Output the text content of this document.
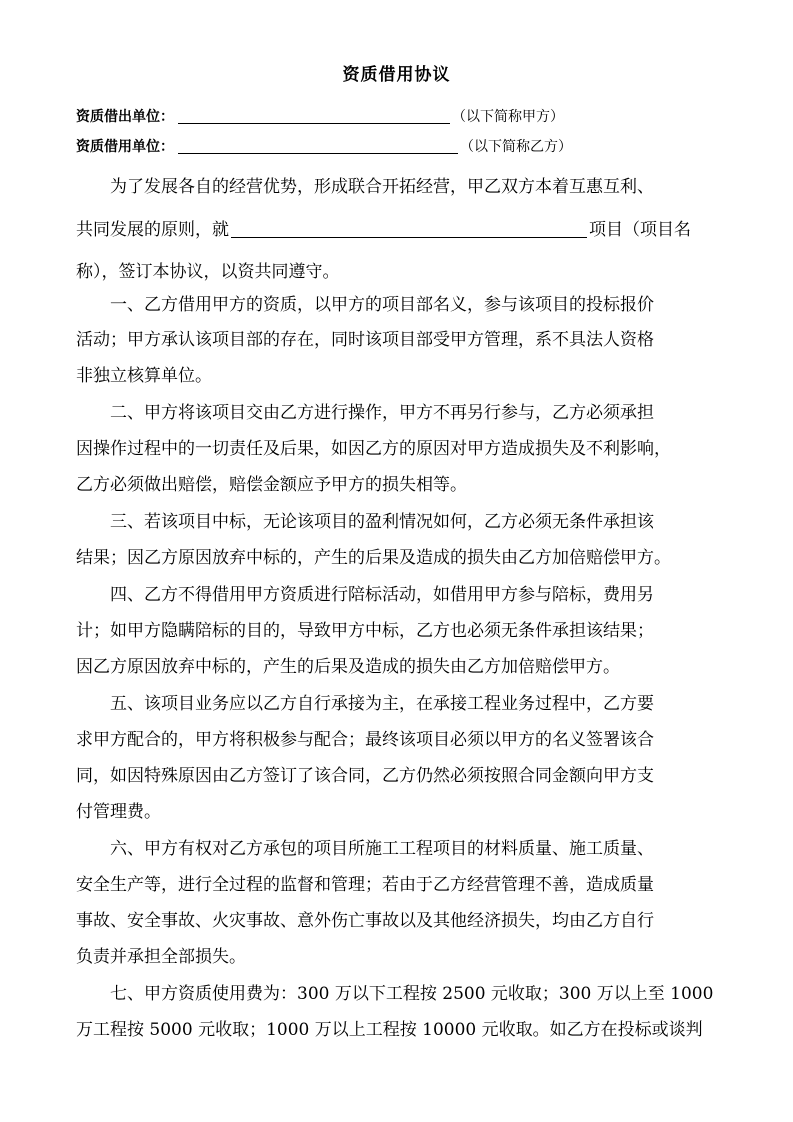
资质借用协议
资质借出单位：	（以下简称甲方）
资质借用单位：	（以下简称乙方）
为了发展各自的经营优势，形成联合开拓经营，甲乙双方本着互惠互利、
共同发展的原则，就	项目（项目名
称），签订本协议，以资共同遵守。
一、乙方借用甲方的资质，以甲方的项目部名义，参与该项目的投标报价
活动；甲方承认该项目部的存在，同时该项目部受甲方管理，系不具法人资格
非独立核算单位。
二、甲方将该项目交由乙方进行操作，甲方不再另行参与，乙方必须承担
因操作过程中的一切责任及后果，如因乙方的原因对甲方造成损失及不利影响，
乙方必须做出赔偿，赔偿金额应予甲方的损失相等。
三、若该项目中标，无论该项目的盈利情况如何，乙方必须无条件承担该
结果；因乙方原因放弃中标的，产生的后果及造成的损失由乙方加倍赔偿甲方。
四、乙方不得借用甲方资质进行陪标活动，如借用甲方参与陪标，费用另
计；如甲方隐瞒陪标的目的，导致甲方中标，乙方也必须无条件承担该结果；
因乙方原因放弃中标的，产生的后果及造成的损失由乙方加倍赔偿甲方。
五、该项目业务应以乙方自行承接为主，在承接工程业务过程中，乙方要
求甲方配合的，甲方将积极参与配合；最终该项目必须以甲方的名义签署该合
同，如因特殊原因由乙方签订了该合同，乙方仍然必须按照合同金额向甲方支
付管理费。
六、甲方有权对乙方承包的项目所施工工程项目的材料质量、施工质量、
安全生产等，进行全过程的监督和管理；若由于乙方经营管理不善，造成质量
事故、安全事故、火灾事故、意外伤亡事故以及其他经济损失，均由乙方自行
负责并承担全部损失。
七、甲方资质使用费为：300 万以下工程按 2500 元收取；300 万以上至 1000
万工程按 5000 元收取；1000 万以上工程按 10000 元收取。如乙方在投标或谈判
